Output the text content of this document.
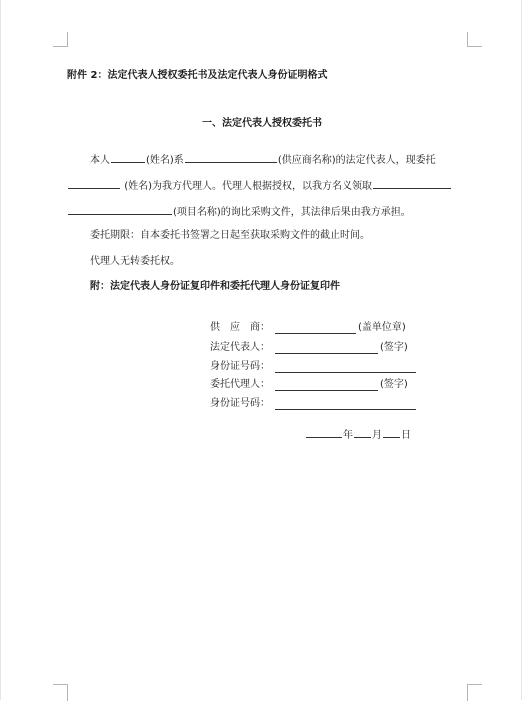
附件 2：法定代表人授权委托书及法定代表人身份证明格式
一、法定代表人授权委托书
本人	(姓名)系	(供应商名称)的法定代表人，现委托
(姓名)为我方代理人。代理人根据授权，以我方名义领取
(项目名称)的询比采购文件，其法律后果由我方承担。
委托期限：自本委托书签署之日起至获取采购文件的截止时间。
代理人无转委托权。
附：法定代表人身份证复印件和委托代理人身份证复印件
供　应　商：	(盖单位章)
法定代表人：	(签字)
身份证号码：
委托代理人：	(签字)
身份证号码：
年 月 日
